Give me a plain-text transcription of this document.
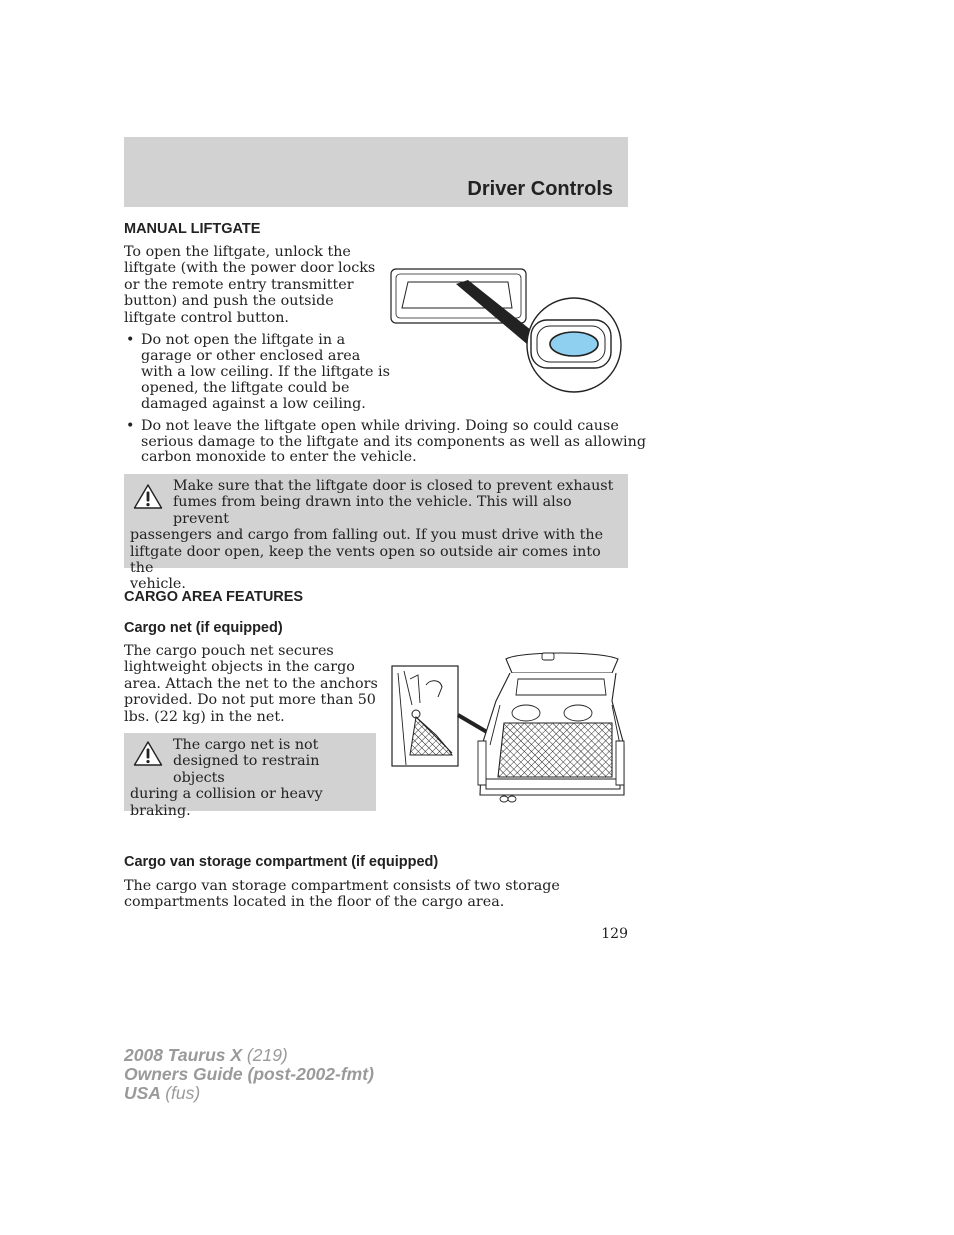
Driver Controls
MANUAL LIFTGATE
To open the liftgate, unlock the
liftgate (with the power door locks
or the remote entry transmitter
button) and push the outside
liftgate control button.
• Do not open the liftgate in a
garage or other enclosed area
with a low ceiling. If the liftgate is
opened, the liftgate could be
damaged against a low ceiling.
• Do not leave the liftgate open while driving. Doing so could cause
serious damage to the liftgate and its components as well as allowing
carbon monoxide to enter the vehicle.
Make sure that the liftgate door is closed to prevent exhaust
fumes from being drawn into the vehicle. This will also prevent
passengers and cargo from falling out. If you must drive with the
liftgate door open, keep the vents open so outside air comes into the
vehicle.
CARGO AREA FEATURES
Cargo net (if equipped)
The cargo pouch net secures
lightweight objects in the cargo
area. Attach the net to the anchors
provided. Do not put more than 50
lbs. (22 kg) in the net.
The cargo net is not
designed to restrain objects
during a collision or heavy
braking.
Cargo van storage compartment (if equipped)
The cargo van storage compartment consists of two storage
compartments located in the floor of the cargo area.
129
2008 Taurus X (219)
Owners Guide (post-2002-fmt)
USA (fus)
